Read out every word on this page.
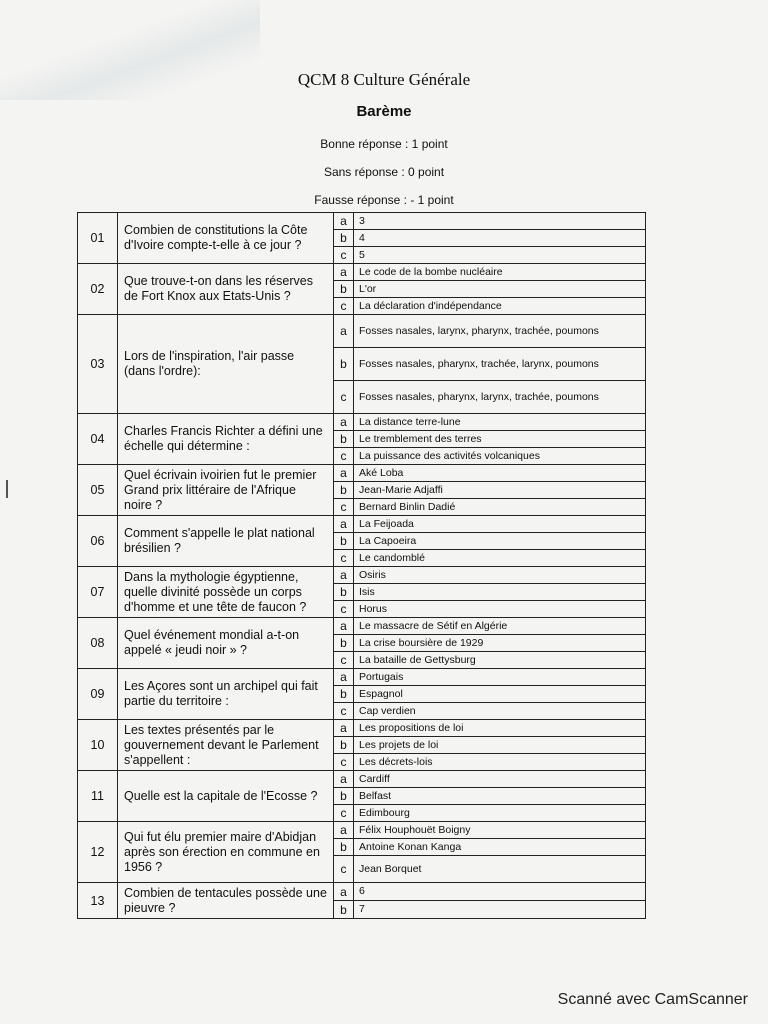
QCM 8 Culture Générale
Barème
Bonne réponse : 1 point
Sans réponse : 0 point
Fausse réponse : - 1 point
01	Combien de constitutions la Côte d'Ivoire compte-t-elle à ce jour ?	a	3
		b	4
		c	5
02	Que trouve-t-on dans les réserves de Fort Knox aux Etats-Unis ?	a	Le code de la bombe nucléaire
		b	L'or
		c	La déclaration d'indépendance
03	Lors de l'inspiration, l'air passe (dans l'ordre):	a	Fosses nasales, larynx, pharynx, trachée, poumons
		b	Fosses nasales, pharynx, trachée, larynx, poumons
		c	Fosses nasales, pharynx, larynx, trachée, poumons
04	Charles Francis Richter a défini une échelle qui détermine :	a	La distance terre-lune
		b	Le tremblement des terres
		c	La puissance des activités volcaniques
05	Quel écrivain ivoirien fut le premier Grand prix littéraire de l'Afrique noire ?	a	Aké Loba
		b	Jean-Marie Adjaffi
		c	Bernard Binlin Dadié
06	Comment s'appelle le plat national brésilien ?	a	La Feijoada
		b	La Capoeira
		c	Le candomblé
07	Dans la mythologie égyptienne, quelle divinité possède un corps d'homme et une tête de faucon ?	a	Osiris
		b	Isis
		c	Horus
08	Quel événement mondial a-t-on appelé « jeudi noir » ?	a	Le massacre de Sétif en Algérie
		b	La crise boursière de 1929
		c	La bataille de Gettysburg
09	Les Açores sont un archipel qui fait partie du territoire :	a	Portugais
		b	Espagnol
		c	Cap verdien
10	Les textes présentés par le gouvernement devant le Parlement s'appellent :	a	Les propositions de loi
		b	Les projets de loi
		c	Les décrets-lois
11	Quelle est la capitale de l'Ecosse ?	a	Cardiff
		b	Belfast
		c	Edimbourg
12	Qui fut élu premier maire d'Abidjan après son érection en commune en 1956 ?	a	Félix Houphouët Boigny
		b	Antoine Konan Kanga
		c	Jean Borquet
13	Combien de tentacules possède une pieuvre ?	a	6
		b	7
Scanné avec CamScanner
